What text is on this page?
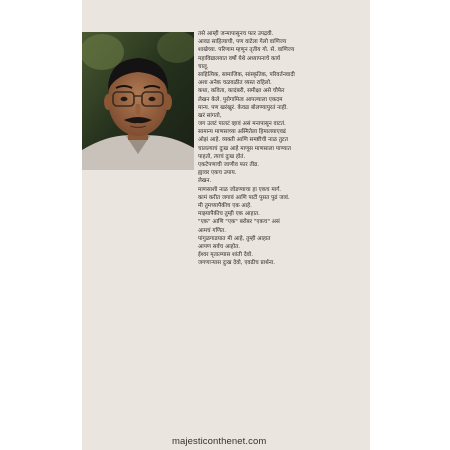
तसे आम्ही जन्मापासूनच फार उपद्रवी.
आवड साहित्याची, पण वाटेला गेलो वाणिज्य
शाखेच्या. परिणाम म्हणून तृतीय गो. से. वाणिज्य
महाविद्यालयात वर्षो येथे अध्यापनाचे कार्य
चालू.
साहित्यिक, सामाजिक, सांस्कृतिक, परिवर्तनवादी
अशा अनेक चळवळीत व्यस्त राहिलो.
कथा, कविता, कादंबरी, समीक्षा असे चौफेर
लेखन केले. पुरोगामित्व आपल्याला एकदम
मान्य. पण खरंखुरं. केवळ बोलण्यापुरतं नाही.
खरं सांगतो,
जग उलटं पालटं व्हावं असं मनापासून वाटतं.
सामान्य माणसाच्या अस्मितेला हिमालयाएवढं
ओझं आहे. व्यक्ती आणि समष्टीची नाळ तुटत
चालल्याचं दुःख आहे माणूस माणसाला पाण्यात
पाहतो, त्याचं दुःख होतं.
एकटेपणाची जाणीव फार तीव्र.
ह्यावर एकच उपाय.
लेखन.
माणसाशी नाळ जोडण्याचा हा एकच मार्ग.
कामं करीत जगावं आणि पाटी पुसत पुढं जावं.
मी तुमच्यापैकीच एक आहे.
माझ्यापैकीच तुम्ही एक आहात.
"एक" आणि "एक" बरोबर "एकच" असं
आमचं गणित.
पांगुळगाडयात मी आहे, तुम्ही आहात
आपण सर्वच आहोत.
ईश्वर मृतात्म्यास शांती देवो.
जगणाऱ्यास दुःख देवो, एवढीच प्रार्थना.
majesticonthenet.com
